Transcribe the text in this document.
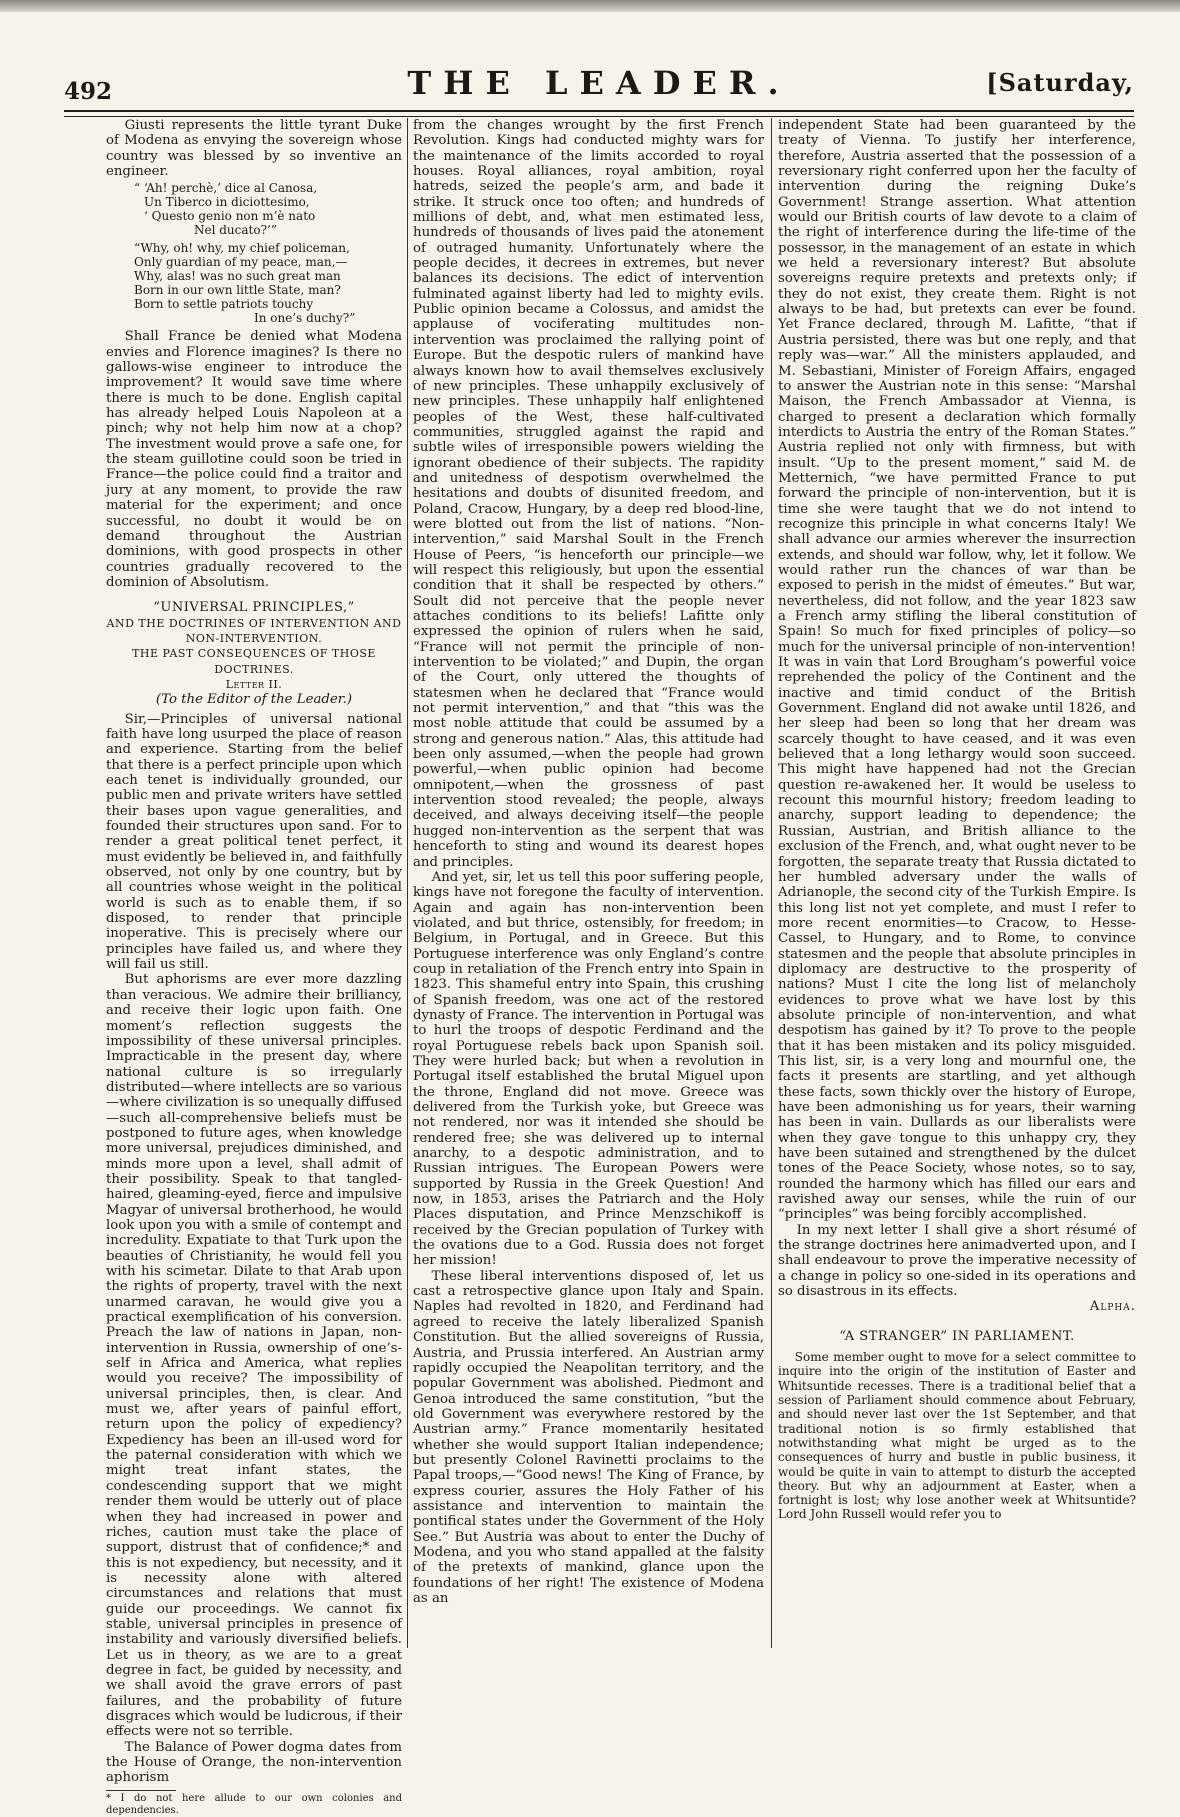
492	THE LEADER.	[Saturday,

Giusti represents the little tyrant Duke of Modena as envying the sovereign whose country was blessed by so inventive an engineer.

“ ‘Ah! perchè,’ dice al Canosa,
Un Tiberco in diciottesimo,
‘ Questo genio non m’è nato
Nel ducato?’”
“Why, oh! why, my chief policeman,
Only guardian of my peace, man,—
Why, alas! was no such great man
Born in our own little State, man?
Born to settle patriots touchy
In one’s duchy?”

Shall France be denied what Modena envies and Florence imagines? Is there no gallows-wise engineer to introduce the improvement? It would save time where there is much to be done. English capital has already helped Louis Napoleon at a pinch; why not help him now at a chop? The investment would prove a safe one, for the steam guillotine could soon be tried in France—the police could find a traitor and jury at any moment, to provide the raw material for the experiment; and once successful, no doubt it would be on demand throughout the Austrian dominions, with good prospects in other countries gradually recovered to the dominion of Absolutism.

“UNIVERSAL PRINCIPLES,”
AND THE DOCTRINES OF INTERVENTION AND NON-INTERVENTION.
THE PAST CONSEQUENCES OF THOSE DOCTRINES.
Letter II.
(To the Editor of the Leader.)

Sir,—Principles of universal national faith have long usurped the place of reason and experience. Starting from the belief that there is a perfect principle upon which each tenet is individually grounded, our public men and private writers have settled their bases upon vague generalities, and founded their structures upon sand. For to render a great political tenet perfect, it must evidently be believed in, and faithfully observed, not only by one country, but by all countries whose weight in the political world is such as to enable them, if so disposed, to render that principle inoperative. This is precisely where our principles have failed us, and where they will fail us still.

But aphorisms are ever more dazzling than veracious. We admire their brilliancy, and receive their logic upon faith. One moment’s reflection suggests the impossibility of these universal principles. Impracticable in the present day, where national culture is so irregularly distributed—where intellects are so various—where civilization is so unequally diffused—such all-comprehensive beliefs must be postponed to future ages, when knowledge more universal, prejudices diminished, and minds more upon a level, shall admit of their possibility. Speak to that tangled-haired, gleaming-eyed, fierce and impulsive Magyar of universal brotherhood, he would look upon you with a smile of contempt and incredulity. Expatiate to that Turk upon the beauties of Christianity, he would fell you with his scimetar. Dilate to that Arab upon the rights of property, travel with the next unarmed caravan, he would give you a practical exemplification of his conversion. Preach the law of nations in Japan, non-intervention in Russia, ownership of one’s-self in Africa and America, what replies would you receive? The impossibility of universal principles, then, is clear. And must we, after years of painful effort, return upon the policy of expediency? Expediency has been an ill-used word for the paternal consideration with which we might treat infant states, the condescending support that we might render them would be utterly out of place when they had increased in power and riches, caution must take the place of support, distrust that of confidence;* and this is not expediency, but necessity, and it is necessity alone with altered circumstances and relations that must guide our proceedings. We cannot fix stable, universal principles in presence of instability and variously diversified beliefs. Let us in theory, as we are to a great degree in fact, be guided by necessity, and we shall avoid the grave errors of past failures, and the probability of future disgraces which would be ludicrous, if their effects were not so terrible.

The Balance of Power dogma dates from the House of Orange, the non-intervention aphorism

* I do not here allude to our own colonies and dependencies.

from the changes wrought by the first French Revolution. Kings had conducted mighty wars for the maintenance of the limits accorded to royal houses. Royal alliances, royal ambition, royal hatreds, seized the people’s arm, and bade it strike. It struck once too often; and hundreds of millions of debt, and, what men estimated less, hundreds of thousands of lives paid the atonement of outraged humanity. Unfortunately where the people decides, it decrees in extremes, but never balances its decisions. The edict of intervention fulminated against liberty had led to mighty evils. Public opinion became a Colossus, and amidst the applause of vociferating multitudes non-intervention was proclaimed the rallying point of Europe. But the despotic rulers of mankind have always known how to avail themselves exclusively of new principles. These unhappily exclusively of new principles. These unhappily half enlightened peoples of the West, these half-cultivated communities, struggled against the rapid and subtle wiles of irresponsible powers wielding the ignorant obedience of their subjects. The rapidity and unitedness of despotism overwhelmed the hesitations and doubts of disunited freedom, and Poland, Cracow, Hungary, by a deep red blood-line, were blotted out from the list of nations. “Non-intervention,” said Marshal Soult in the French House of Peers, “is henceforth our principle—we will respect this religiously, but upon the essential condition that it shall be respected by others.” Soult did not perceive that the people never attaches conditions to its beliefs! Lafitte only expressed the opinion of rulers when he said, “France will not permit the principle of non-intervention to be violated;” and Dupin, the organ of the Court, only uttered the thoughts of statesmen when he declared that “France would not permit intervention,” and that “this was the most noble attitude that could be assumed by a strong and generous nation.” Alas, this attitude had been only assumed,—when the people had grown powerful,—when public opinion had become omnipotent,—when the grossness of past intervention stood revealed; the people, always deceived, and always deceiving itself—the people hugged non-intervention as the serpent that was henceforth to sting and wound its dearest hopes and principles.

And yet, sir, let us tell this poor suffering people, kings have not foregone the faculty of intervention. Again and again has non-intervention been violated, and but thrice, ostensibly, for freedom; in Belgium, in Portugal, and in Greece. But this Portuguese interference was only England’s contre coup in retaliation of the French entry into Spain in 1823. This shameful entry into Spain, this crushing of Spanish freedom, was one act of the restored dynasty of France. The intervention in Portugal was to hurl the troops of despotic Ferdinand and the royal Portuguese rebels back upon Spanish soil. They were hurled back; but when a revolution in Portugal itself established the brutal Miguel upon the throne, England did not move. Greece was delivered from the Turkish yoke, but Greece was not rendered, nor was it intended she should be rendered free; she was delivered up to internal anarchy, to a despotic administration, and to Russian intrigues. The European Powers were supported by Russia in the Greek Question! And now, in 1853, arises the Patriarch and the Holy Places disputation, and Prince Menzschikoff is received by the Grecian population of Turkey with the ovations due to a God. Russia does not forget her mission!

These liberal interventions disposed of, let us cast a retrospective glance upon Italy and Spain. Naples had revolted in 1820, and Ferdinand had agreed to receive the lately liberalized Spanish Constitution. But the allied sovereigns of Russia, Austria, and Prussia interfered. An Austrian army rapidly occupied the Neapolitan territory, and the popular Government was abolished. Piedmont and Genoa introduced the same constitution, “but the old Government was everywhere restored by the Austrian army.” France momentarily hesitated whether she would support Italian independence; but presently Colonel Ravinetti proclaims to the Papal troops,—“Good news! The King of France, by express courier, assures the Holy Father of his assistance and intervention to maintain the pontifical states under the Government of the Holy See.” But Austria was about to enter the Duchy of Modena, and you who stand appalled at the falsity of the pretexts of mankind, glance upon the foundations of her right! The existence of Modena as an

independent State had been guaranteed by the treaty of Vienna. To justify her interference, therefore, Austria asserted that the possession of a reversionary right conferred upon her the faculty of intervention during the reigning Duke’s Government! Strange assertion. What attention would our British courts of law devote to a claim of the right of interference during the life-time of the possessor, in the management of an estate in which we held a reversionary interest? But absolute sovereigns require pretexts and pretexts only; if they do not exist, they create them. Right is not always to be had, but pretexts can ever be found. Yet France declared, through M. Lafitte, “that if Austria persisted, there was but one reply, and that reply was—war.” All the ministers applauded, and M. Sebastiani, Minister of Foreign Affairs, engaged to answer the Austrian note in this sense: “Marshal Maison, the French Ambassador at Vienna, is charged to present a declaration which formally interdicts to Austria the entry of the Roman States.” Austria replied not only with firmness, but with insult. “Up to the present moment,” said M. de Metternich, “we have permitted France to put forward the principle of non-intervention, but it is time she were taught that we do not intend to recognize this principle in what concerns Italy! We shall advance our armies wherever the insurrection extends, and should war follow, why, let it follow. We would rather run the chances of war than be exposed to perish in the midst of émeutes.” But war, nevertheless, did not follow, and the year 1823 saw a French army stifling the liberal constitution of Spain! So much for fixed principles of policy—so much for the universal principle of non-intervention! It was in vain that Lord Brougham’s powerful voice reprehended the policy of the Continent and the inactive and timid conduct of the British Government. England did not awake until 1826, and her sleep had been so long that her dream was scarcely thought to have ceased, and it was even believed that a long lethargy would soon succeed. This might have happened had not the Grecian question re-awakened her. It would be useless to recount this mournful history; freedom leading to anarchy, support leading to dependence; the Russian, Austrian, and British alliance to the exclusion of the French, and, what ought never to be forgotten, the separate treaty that Russia dictated to her humbled adversary under the walls of Adrianople, the second city of the Turkish Empire. Is this long list not yet complete, and must I refer to more recent enormities—to Cracow, to Hesse-Cassel, to Hungary, and to Rome, to convince statesmen and the people that absolute principles in diplomacy are destructive to the prosperity of nations? Must I cite the long list of melancholy evidences to prove what we have lost by this absolute principle of non-intervention, and what despotism has gained by it? To prove to the people that it has been mistaken and its policy misguided. This list, sir, is a very long and mournful one, the facts it presents are startling, and yet although these facts, sown thickly over the history of Europe, have been admonishing us for years, their warning has been in vain. Dullards as our liberalists were when they gave tongue to this unhappy cry, they have been sutained and strengthened by the dulcet tones of the Peace Society, whose notes, so to say, rounded the harmony which has filled our ears and ravished away our senses, while the ruin of our “principles” was being forcibly accomplished.

In my next letter I shall give a short résumé of the strange doctrines here animadverted upon, and I shall endeavour to prove the imperative necessity of a change in policy so one-sided in its operations and so disastrous in its effects.

Alpha.
“A STRANGER” IN PARLIAMENT.

Some member ought to move for a select committee to inquire into the origin of the institution of Easter and Whitsuntide recesses. There is a traditional belief that a session of Parliament should commence about February, and should never last over the 1st September, and that traditional notion is so firmly established that notwithstanding what might be urged as to the consequences of hurry and bustle in public business, it would be quite in vain to attempt to disturb the accepted theory. But why an adjournment at Easter, when a fortnight is lost; why lose another week at Whitsuntide? Lord John Russell would refer you to
